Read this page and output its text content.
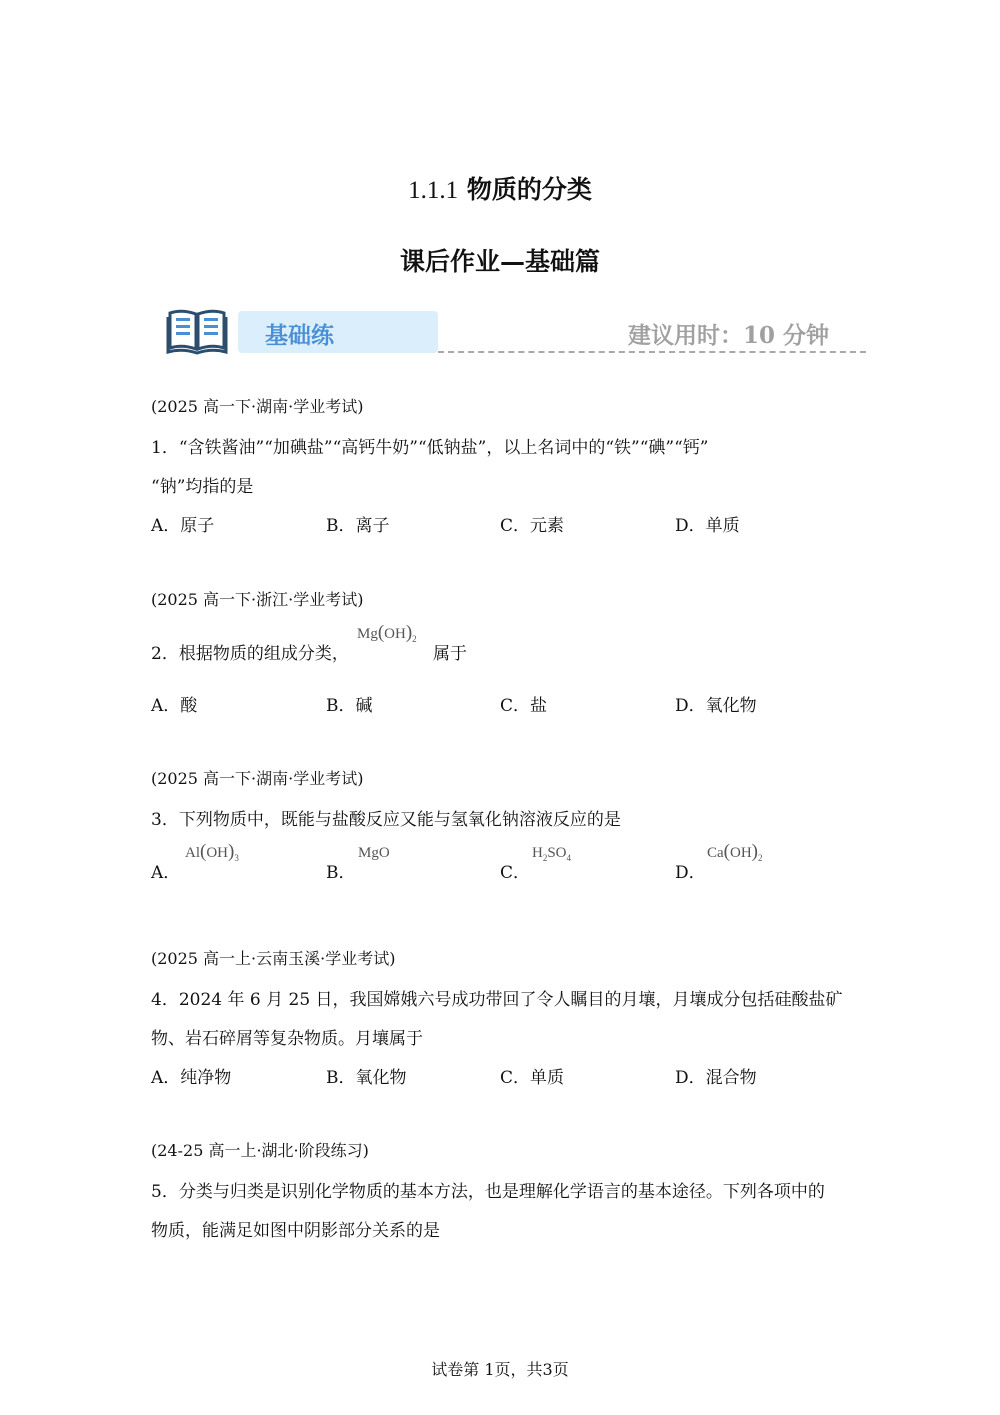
1.1.1 物质的分类
课后作业—基础篇
基础练	建议用时：10 分钟
(2025 高一下·湖南·学业考试)
1．“含铁酱油”“加碘盐”“高钙牛奶”“低钠盐”，以上名词中的“铁”“碘”“钙”
“钠”均指的是
A．原子	B．离子	C．元素	D．单质
(2025 高一下·浙江·学业考试)
2．根据物质的组成分类，
$Mg(OH)_2$
属于
A．酸	B．碱	C．盐	D．氧化物
(2025 高一下·湖南·学业考试)
3．下列物质中，既能与盐酸反应又能与氢氧化钠溶液反应的是
A．
$Al(OH)_3$
B．
MgO
C．
$H_2SO_4$
D．
$Ca(OH)_2$
(2025 高一上·云南玉溪·学业考试)
4．2024 年 6 月 25 日，我国嫦娥六号成功带回了令人瞩目的月壤，月壤成分包括硅酸盐矿
物、岩石碎屑等复杂物质。月壤属于
A．纯净物	B．氧化物	C．单质	D．混合物
(24-25 高一上·湖北·阶段练习)
5．分类与归类是识别化学物质的基本方法，也是理解化学语言的基本途径。下列各项中的
物质，能满足如图中阴影部分关系的是
试卷第 1页，共3页
